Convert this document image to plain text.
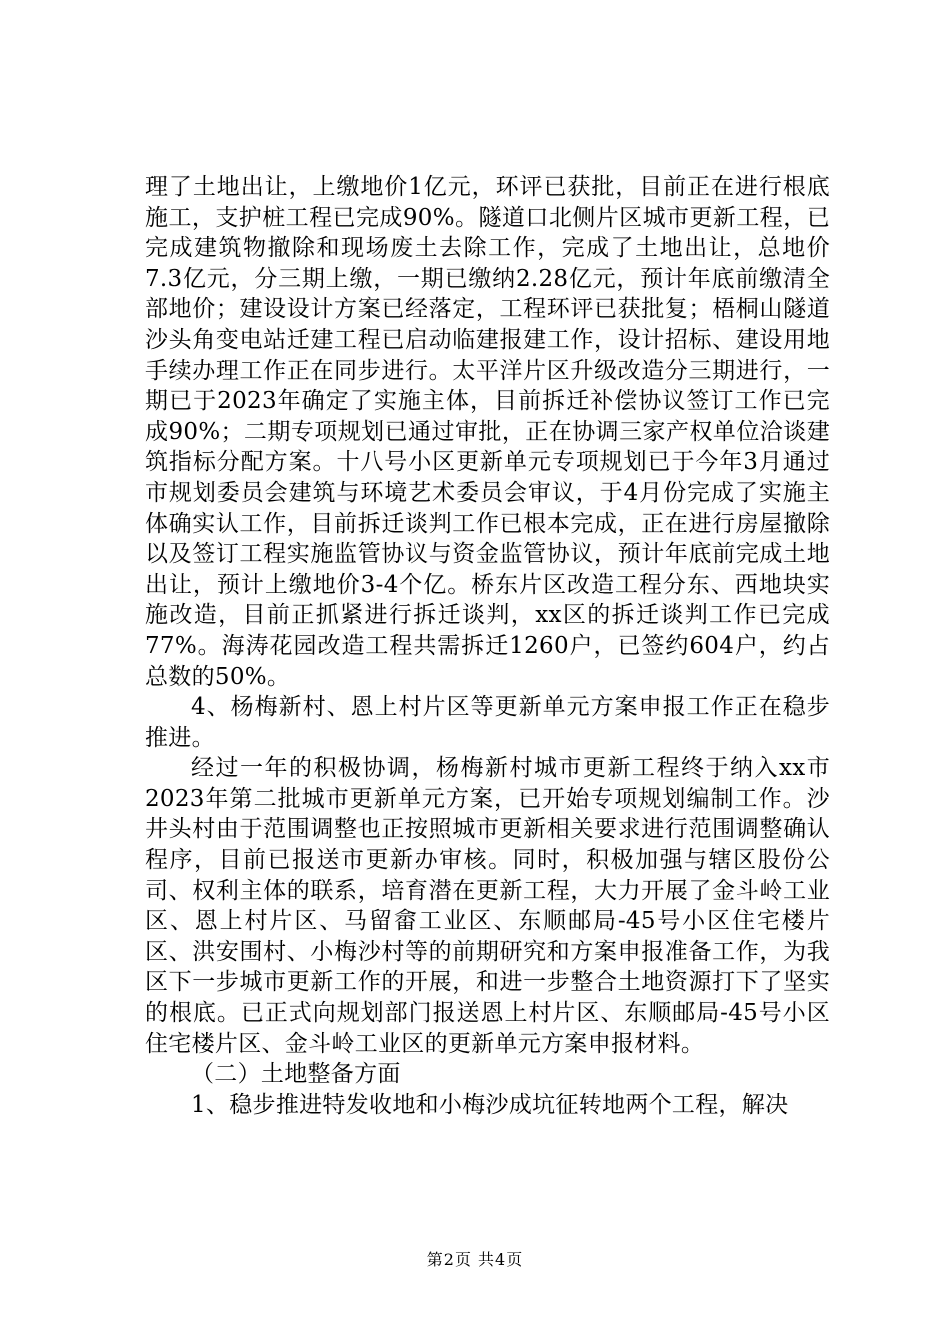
理了土地出让，上缴地价1亿元，环评已获批，目前正在进行根底施工，支护桩工程已完成90%。隧道口北侧片区城市更新工程，已完成建筑物撤除和现场废土去除工作，完成了土地出让，总地价7.3亿元，分三期上缴，一期已缴纳2.28亿元，预计年底前缴清全部地价；建设设计方案已经落定，工程环评已获批复；梧桐山隧道沙头角变电站迁建工程已启动临建报建工作，设计招标、建设用地手续办理工作正在同步进行。太平洋片区升级改造分三期进行，一期已于2023年确定了实施主体，目前拆迁补偿协议签订工作已完成90%；二期专项规划已通过审批，正在协调三家产权单位洽谈建筑指标分配方案。十八号小区更新单元专项规划已于今年3月通过市规划委员会建筑与环境艺术委员会审议，于4月份完成了实施主体确实认工作，目前拆迁谈判工作已根本完成，正在进行房屋撤除以及签订工程实施监管协议与资金监管协议，预计年底前完成土地出让，预计上缴地价3-4个亿。桥东片区改造工程分东、西地块实施改造，目前正抓紧进行拆迁谈判，xx区的拆迁谈判工作已完成77%。海涛花园改造工程共需拆迁1260户，已签约604户，约占总数的50%。

4、杨梅新村、恩上村片区等更新单元方案申报工作正在稳步推进。

经过一年的积极协调，杨梅新村城市更新工程终于纳入xx市2023年第二批城市更新单元方案，已开始专项规划编制工作。沙井头村由于范围调整也正按照城市更新相关要求进行范围调整确认程序，目前已报送市更新办审核。同时，积极加强与辖区股份公司、权利主体的联系，培育潜在更新工程，大力开展了金斗岭工业区、恩上村片区、马留畲工业区、东顺邮局-45号小区住宅楼片区、洪安围村、小梅沙村等的前期研究和方案申报准备工作，为我区下一步城市更新工作的开展，和进一步整合土地资源打下了坚实的根底。已正式向规划部门报送恩上村片区、东顺邮局-45号小区住宅楼片区、金斗岭工业区的更新单元方案申报材料。

（二）土地整备方面

1、稳步推进特发收地和小梅沙成坑征转地两个工程，解决

第2页 共4页
